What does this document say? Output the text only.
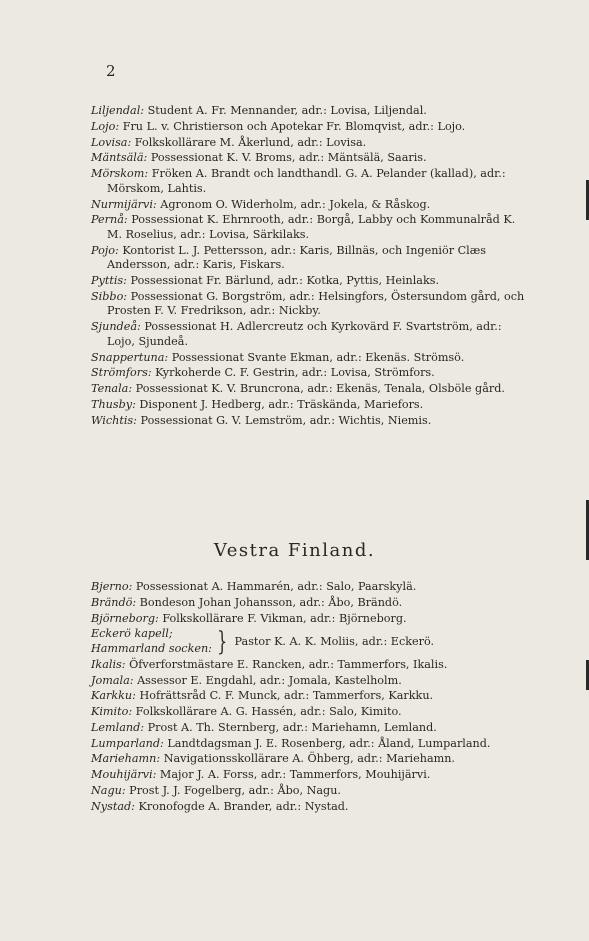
2

Liljendal: Student A. Fr. Mennander, adr.: Lovisa, Liljendal.

Lojo: Fru L. v. Christierson och Apotekar Fr. Blomqvist, adr.: Lojo.

Lovisa: Folkskollärare M. Åkerlund, adr.: Lovisa.

Mäntsälä: Possessionat K. V. Broms, adr.: Mäntsälä, Saaris.

Mörskom: Fröken A. Brandt och landthandl. G. A. Pelander (kallad), adr.: Mörskom, Lahtis.

Nurmijärvi: Agronom O. Widerholm, adr.: Jokela, & Råskog.

Pernå: Possessionat K. Ehrnrooth, adr.: Borgå, Labby och Kommunalråd K. M. Roselius, adr.: Lovisa, Särkilaks.

Pojo: Kontorist L. J. Pettersson, adr.: Karis, Billnäs, och Ingeniör Clæs Andersson, adr.: Karis, Fiskars.

Pyttis: Possessionat Fr. Bärlund, adr.: Kotka, Pyttis, Heinlaks.

Sibbo: Possessionat G. Borgström, adr.: Helsingfors, Östersundom gård, och Prosten F. V. Fredrikson, adr.: Nickby.

Sjundeå: Possessionat H. Adlercreutz och Kyrkovärd F. Svartström, adr.: Lojo, Sjundeå.

Snappertuna: Possessionat Svante Ekman, adr.: Ekenäs. Strömsö.

Strömfors: Kyrkoherde C. F. Gestrin, adr.: Lovisa, Strömfors.

Tenala: Possessionat K. V. Bruncrona, adr.: Ekenäs, Tenala, Olsböle gård.

Thusby: Disponent J. Hedberg, adr.: Träskända, Mariefors.

Wichtis: Possessionat G. V. Lemström, adr.: Wichtis, Niemis.

Vestra Finland.

Bjerno: Possessionat A. Hammarén, adr.: Salo, Paarskylä.

Brändö: Bondeson Johan Johansson, adr.: Åbo, Brändö.

Björneborg: Folkskollärare F. Vikman, adr.: Björneborg.

Eckerö kapell;
Hammarland socken: } Pastor K. A. K. Moliis, adr.: Eckerö.

Ikalis: Öfverforstmästare E. Rancken, adr.: Tammerfors, Ikalis.

Jomala: Assessor E. Engdahl, adr.: Jomala, Kastelholm.

Karkku: Hofrättsråd C. F. Munck, adr.: Tammerfors, Karkku.

Kimito: Folkskollärare A. G. Hassén, adr.: Salo, Kimito.

Lemland: Prost A. Th. Sternberg, adr.: Mariehamn, Lemland.

Lumparland: Landtdagsman J. E. Rosenberg, adr.: Åland, Lumparland.

Mariehamn: Navigationsskollärare A. Öhberg, adr.: Mariehamn.

Mouhijärvi: Major J. A. Forss, adr.: Tammerfors, Mouhijärvi.

Nagu: Prost J. J. Fogelberg, adr.: Åbo, Nagu.

Nystad: Kronofogde A. Brander, adr.: Nystad.
